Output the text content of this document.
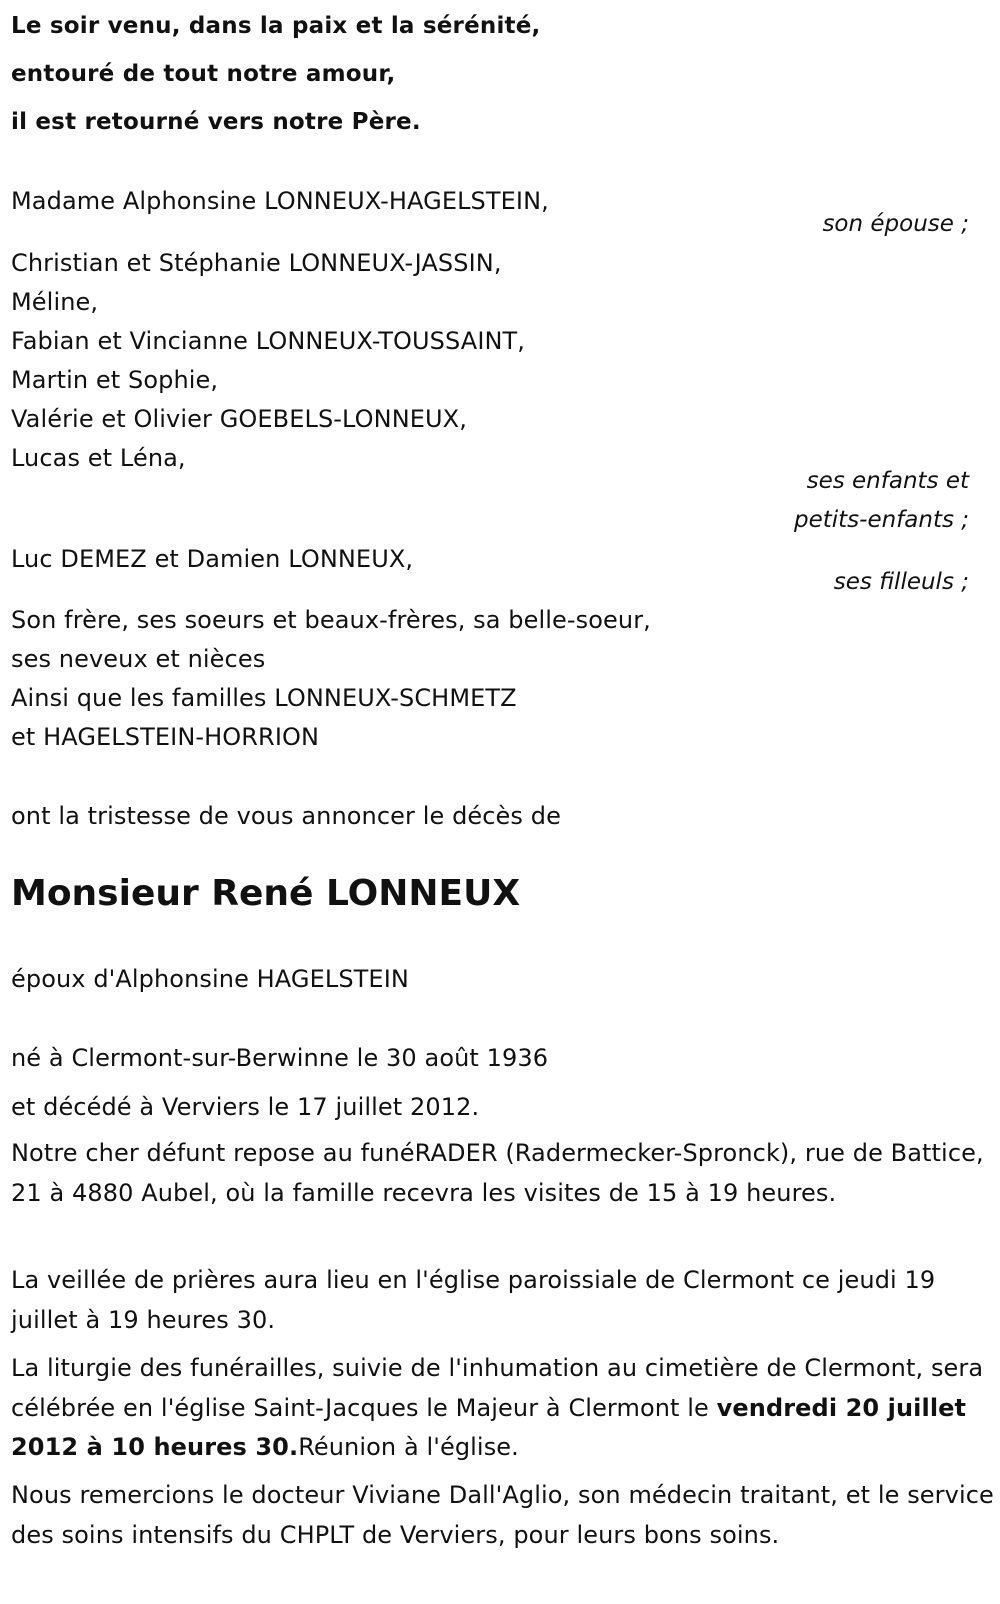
Le soir venu, dans la paix et la sérénité,
entouré de tout notre amour,
il est retourné vers notre Père.
Madame Alphonsine LONNEUX-HAGELSTEIN,
son épouse ;
Christian et Stéphanie LONNEUX-JASSIN,
Méline,
Fabian et Vincianne LONNEUX-TOUSSAINT,
Martin et Sophie,
Valérie et Olivier GOEBELS-LONNEUX,
Lucas et Léna,
ses enfants et
petits-enfants ;
Luc DEMEZ et Damien LONNEUX,
ses filleuls ;
Son frère, ses soeurs et beaux-frères, sa belle-soeur,
ses neveux et nièces
Ainsi que les familles LONNEUX-SCHMETZ
et HAGELSTEIN-HORRION
ont la tristesse de vous annoncer le décès de
Monsieur René LONNEUX
époux d'Alphonsine HAGELSTEIN
né à Clermont-sur-Berwinne le 30 août 1936
et décédé à Verviers le 17 juillet 2012.
Notre cher défunt repose au funéRADER (Radermecker-Spronck), rue de Battice, 21 à 4880 Aubel, où la famille recevra les visites de 15 à 19 heures.
La veillée de prières aura lieu en l'église paroissiale de Clermont ce jeudi 19 juillet à 19 heures 30.
La liturgie des funérailles, suivie de l'inhumation au cimetière de Clermont, sera célébrée en l'église Saint-Jacques le Majeur à Clermont le vendredi 20 juillet 2012 à 10 heures 30.Réunion à l'église.
Nous remercions le docteur Viviane Dall'Aglio, son médecin traitant, et le service des soins intensifs du CHPLT de Verviers, pour leurs bons soins.
